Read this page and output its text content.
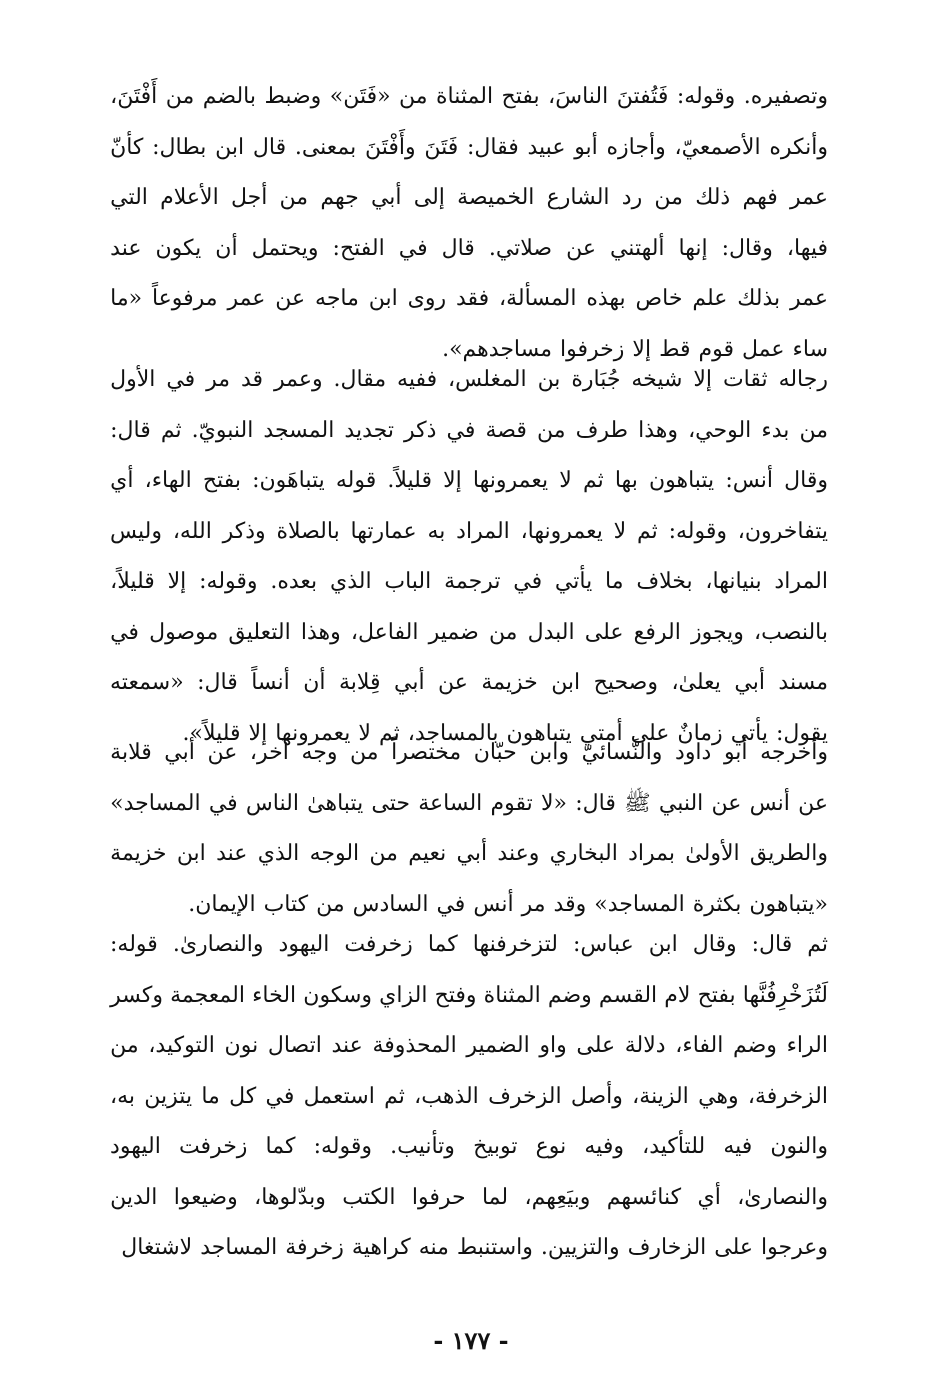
وتصفيره.
وقوله:
فَتُفتنَ
الناسَ،
بفتح
المثناة
من
«فَتَن»
وضبط
بالضم
من
أَفْتَنَ،
وأنكره
الأصمعيّ،
وأجازه
أبو
عبيد
فقال:
فَتَنَ
وأَفْتَنَ
بمعنى.
قال
ابن
بطال:
كأنّ
عمر
فهم
ذلك
من
رد
الشارع
الخميصة
إلى
أبي
جهم
من
أجل
الأعلام
التي
فيها،
وقال:
إنها
ألهتني
عن
صلاتي.
قال
في
الفتح:
ويحتمل
أن
يكون
عند
عمر
بذلك
علم
خاص
بهذه
المسألة،
فقد
روى
ابن
ماجه
عن
عمر
مرفوعاً
«ما
ساء
عمل
قوم
قط
إلا
زخرفوا
مساجدهم».
رجاله
ثقات
إلا
شيخه
جُبَارة
بن
المغلس،
ففيه
مقال.
وعمر
قد
مر
في
الأول
من
بدء
الوحي،
وهذا
طرف
من
قصة
في
ذكر
تجديد
المسجد
النبويّ.
ثم
قال:
وقال
أنس:
يتباهون
بها
ثم
لا
يعمرونها
إلا
قليلاً.
قوله
يتباهَون:
بفتح
الهاء،
أي
يتفاخرون،
وقوله:
ثم
لا
يعمرونها،
المراد
به
عمارتها
بالصلاة
وذكر
الله،
وليس
المراد
بنيانها،
بخلاف
ما
يأتي
في
ترجمة
الباب
الذي
بعده.
وقوله:
إلا
قليلاً،
بالنصب،
ويجوز
الرفع
على
البدل
من
ضمير
الفاعل،
وهذا
التعليق
موصول
في
مسند
أبي
يعلىٰ،
وصحيح
ابن
خزيمة
عن
أبي
قِلابة
أن
أنساً
قال:
«سمعته
يقول:
يأتي
زمانٌ
على
أمتي
يتباهون
بالمساجد،
ثم
لا
يعمرونها
إلا
قليلاً».
وأخرجه
أبو
داود
والنَّسائيّ
وابن
حبّان
مختصراً
من
وجه
آخر،
عن
أبي
قلابة
عن
أنس
عن
النبي
ﷺ
قال:
«لا
تقوم
الساعة
حتى
يتباهىٰ
الناس
في
المساجد»
والطريق
الأولىٰ
بمراد
البخاري
وعند
أبي
نعيم
من
الوجه
الذي
عند
ابن
خزيمة
«يتباهون
بكثرة
المساجد»
وقد
مر
أنس
في
السادس
من
كتاب
الإيمان.
ثم
قال:
وقال
ابن
عباس:
لتزخرفنها
كما
زخرفت
اليهود
والنصارىٰ.
قوله:
لَتُزَخْرِفُنَّها
بفتح
لام
القسم
وضم
المثناة
وفتح
الزاي
وسكون
الخاء
المعجمة
وكسر
الراء
وضم
الفاء،
دلالة
على
واو
الضمير
المحذوفة
عند
اتصال
نون
التوكيد،
من
الزخرفة،
وهي
الزينة،
وأصل
الزخرف
الذهب،
ثم
استعمل
في
كل
ما
يتزين
به،
والنون
فيه
للتأكيد،
وفيه
نوع
توبيخ
وتأنيب.
وقوله:
كما
زخرفت
اليهود
والنصارىٰ،
أي
كنائسهم
وبيَعِهم،
لما
حرفوا
الكتب
وبدّلوها،
وضيعوا
الدين
وعرجوا
على
الزخارف
والتزيين.
واستنبط
منه
كراهية
زخرفة
المساجد
لاشتغال
- ١٧٧ -
